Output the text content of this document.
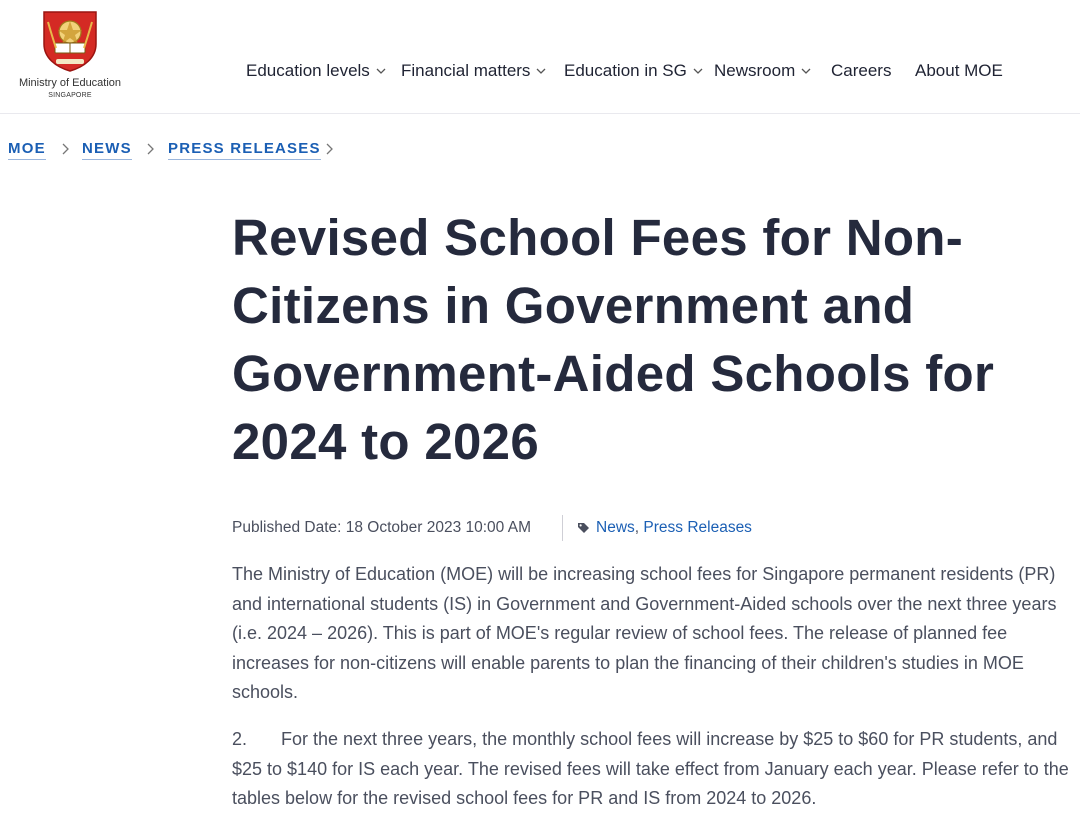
Ministry of Education
SINGAPORE
Education levels Financial matters Education in SG Newsroom Careers About MOE
MOE NEWS PRESS RELEASES
Revised School Fees for Non-Citizens in Government and Government-Aided Schools for 2024 to 2026
Published Date: 18 October 2023 10:00 AM	News, Press Releases

The Ministry of Education (MOE) will be increasing school fees for Singapore permanent residents (PR) and international students (IS) in Government and Government-Aided schools over the next three years (i.e. 2024 – 2026). This is part of MOE's regular review of school fees. The release of planned fee increases for non-citizens will enable parents to plan the financing of their children's studies in MOE schools.

2. For the next three years, the monthly school fees will increase by $25 to $60 for PR students, and $25 to $140 for IS each year. The revised fees will take effect from January each year. Please refer to the tables below for the revised school fees for PR and IS from 2024 to 2026.
